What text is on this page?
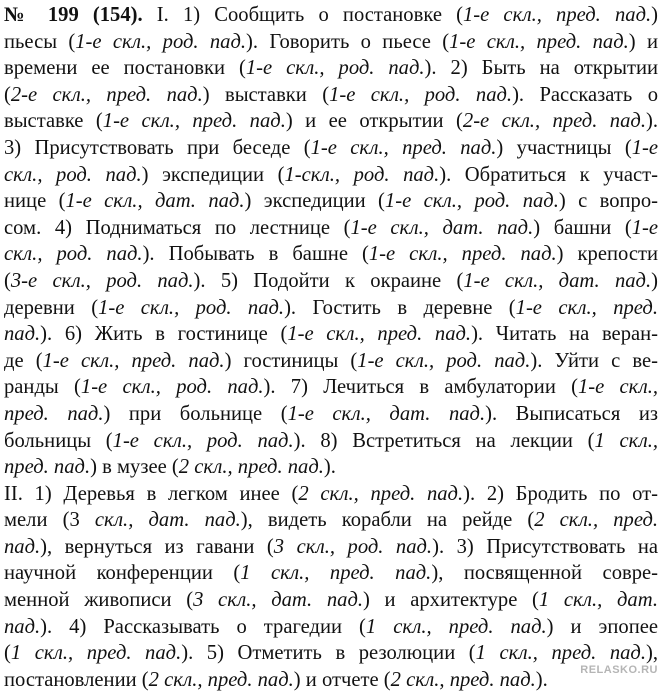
№ 199 (154). I. 1) Сообщить о постановке (1-е скл., пред. пад.)
пьесы (1-е скл., род. пад.). Говорить о пьесе (1-е скл., пред. пад.) и
времени ее постановки (1-е скл., род. пад.). 2) Быть на открытии
(2-е скл., пред. пад.) выставки (1-е скл., род. пад.). Рассказать о
выставке (1-е скл., пред. пад.) и ее открытии (2-е скл., пред. пад.).
3) Присутствовать при беседе (1-е скл., пред. пад.) участницы (1-е
скл., род. пад.) экспедиции (1-скл., род. пад.). Обратиться к участ-
нице (1-е скл., дат. пад.) экспедиции (1-е скл., род. пад.) с вопро-
сом. 4) Подниматься по лестнице (1-е скл., дат. пад.) башни (1-е
скл., род. пад.). Побывать в башне (1-е скл., пред. пад.) крепости
(3-е скл., род. пад.). 5) Подойти к окраине (1-е скл., дат. пад.)
деревни (1-е скл., род. пад.). Гостить в деревне (1-е скл., пред.
пад.). 6) Жить в гостинице (1-е скл., пред. пад.). Читать на веран-
де (1-е скл., пред. пад.) гостиницы (1-е скл., род. пад.). Уйти с ве-
ранды (1-е скл., род. пад.). 7) Лечиться в амбулатории (1-е скл.,
пред. пад.) при больнице (1-е скл., дат. пад.). Выписаться из
больницы (1-е скл., род. пад.). 8) Встретиться на лекции (1 скл.,
пред. пад.) в музее (2 скл., пред. пад.).
II. 1) Деревья в легком инее (2 скл., пред. пад.). 2) Бродить по от-
мели (3 скл., дат. пад.), видеть корабли на рейде (2 скл., пред.
пад.), вернуться из гавани (3 скл., род. пад.). 3) Присутствовать на
научной конференции (1 скл., пред. пад.), посвященной совре-
менной живописи (3 скл., дат. пад.) и архитектуре (1 скл., дат.
пад.). 4) Рассказывать о трагедии (1 скл., пред. пад.) и эпопее
(1 скл., пред. пад.). 5) Отметить в резолюции (1 скл., пред. пад.),
постановлении (2 скл., пред. пад.) и отчете (2 скл., пред. пад.).	RELASKO.RU
